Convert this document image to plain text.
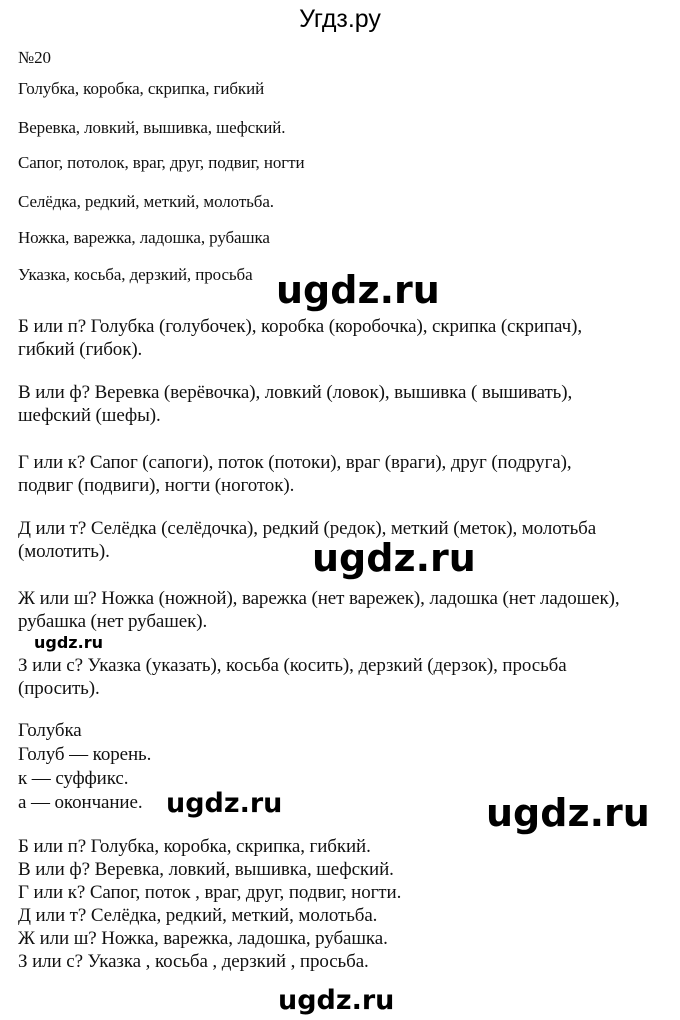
Угдз.ру
№20
Голубка, коробка, скрипка, гибкий
Веревка, ловкий, вышивка, шефский.
Сапог, потолок, враг, друг, подвиг, ногти
Селёдка, редкий, меткий, молотьба.
Ножка, варежка, ладошка, рубашка
Указка, косьба, дерзкий, просьба
Б или п? Голубка (голубочек), коробка (коробочка), скрипка (скрипач),
гибкий (гибок).
В или ф? Веревка (верёвочка), ловкий (ловок), вышивка ( вышивать),
шефский (шефы).
Г или к? Сапог (сапоги), поток (потоки), враг (враги), друг (подруга),
подвиг (подвиги), ногти (ноготок).
Д или т? Селёдка (селёдочка), редкий (редок), меткий (меток), молотьба
(молотить).
Ж или ш? Ножка (ножной), варежка (нет варежек), ладошка (нет ладошек),
рубашка (нет рубашек).
З или с? Указка (указать), косьба (косить), дерзкий (дерзок), просьба
(просить).
Голубка
Голуб — корень.
к — суффикс.
а — окончание.
Б или п? Голубка, коробка, скрипка, гибкий.
В или ф? Веревка, ловкий, вышивка, шефский.
Г или к? Сапог, поток , враг, друг, подвиг, ногти.
Д или т? Селёдка, редкий, меткий, молотьба.
Ж или ш? Ножка, варежка, ладошка, рубашка.
З или с? Указка , косьба , дерзкий , просьба.
ugdz.ru
ugdz.ru
ugdz.ru
ugdz.ru	ugdz.ru
ugdz.ru
